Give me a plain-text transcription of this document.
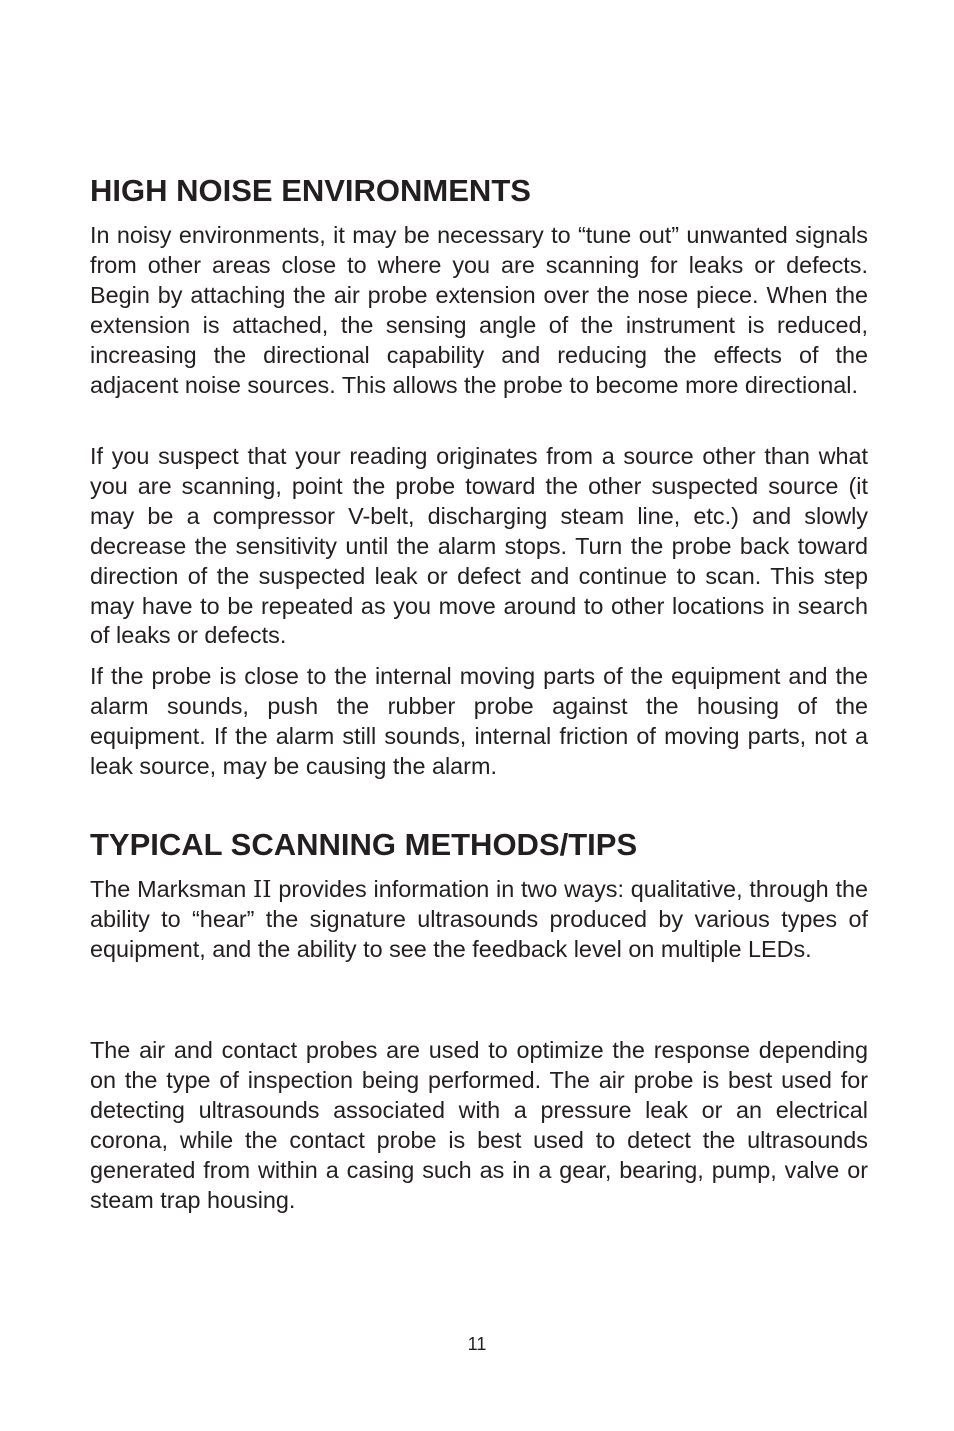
HIGH NOISE ENVIRONMENTS

In noisy environments, it may be necessary to “tune out” unwanted signals from other areas close to where you are scanning for leaks or defects. Begin by attaching the air probe extension over the nose piece. When the extension is attached, the sensing angle of the instrument is reduced, increasing the directional capability and reducing the effects of the adjacent noise sources. This allows the probe to become more directional.

If you suspect that your reading originates from a source other than what you are scanning, point the probe toward the other suspected source (it may be a compressor V-belt, discharging steam line, etc.) and slowly decrease the sensitivity until the alarm stops. Turn the probe back toward direction of the suspected leak or defect and continue to scan. This step may have to be repeated as you move around to other locations in search of leaks or defects.

If the probe is close to the internal moving parts of the equipment and the alarm sounds, push the rubber probe against the housing of the equipment. If the alarm still sounds, internal friction of moving parts, not a leak source, may be causing the alarm.

TYPICAL SCANNING METHODS/TIPS

The Marksman II provides information in two ways: qualitative, through the ability to “hear” the signature ultrasounds produced by various types of equipment, and the ability to see the feedback level on multiple LEDs.

The air and contact probes are used to optimize the response depending on the type of inspection being performed. The air probe is best used for detecting ultrasounds associated with a pressure leak or an electrical corona, while the contact probe is best used to detect the ultrasounds generated from within a casing such as in a gear, bearing, pump, valve or steam trap housing.

11
